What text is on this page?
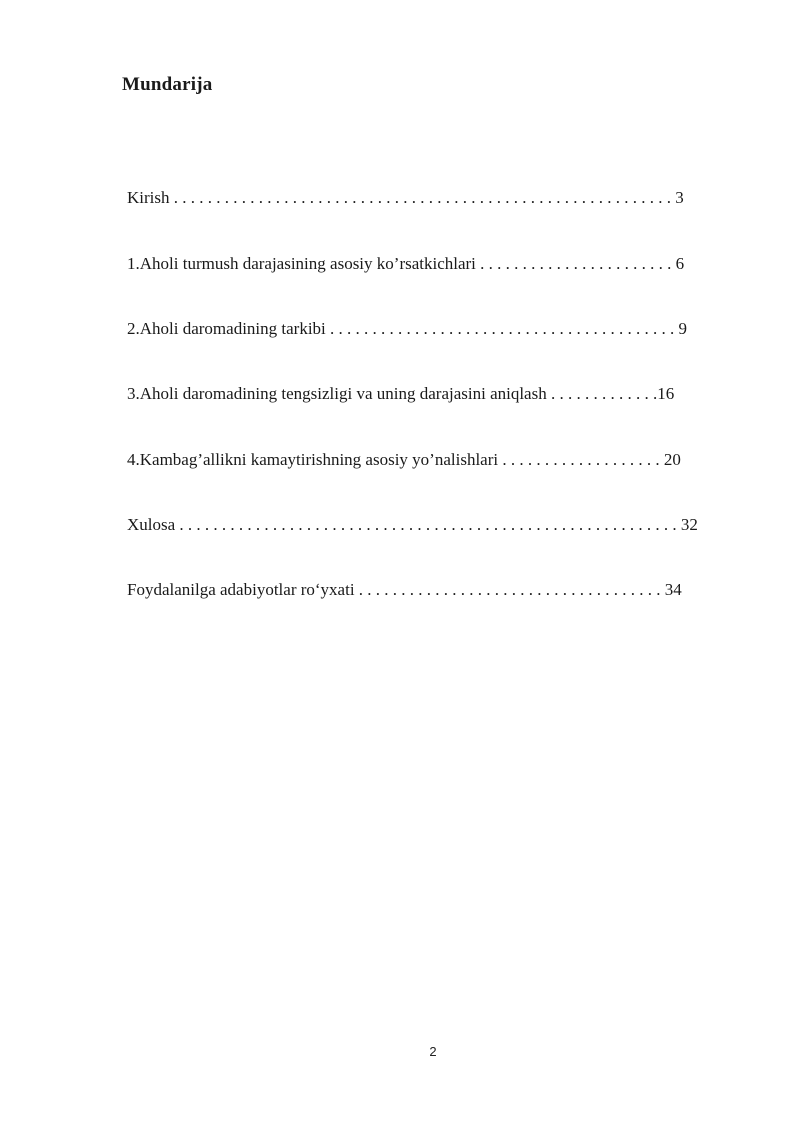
Mundarija
Kirish . . . . . . . . . . . . . . . . . . . . . . . . . . . . . . . . . . . . . . . . . . . . . . . . . . . . . . . . . . . 3
1.Aholi turmush darajasining asosiy ko’rsatkichlari . . . . . . . . . . . . . . . . . . . . . . . 6
2.Aholi daromadining tarkibi . . . . . . . . . . . . . . . . . . . . . . . . . . . . . . . . . . . . . . . . . 9
3.Aholi daromadining tengsizligi va uning darajasini aniqlash . . . . . . . . . . . . .16
4.Kambag’allikni kamaytirishning asosiy yo’nalishlari . . . . . . . . . . . . . . . . . . . 20
Xulosa . . . . . . . . . . . . . . . . . . . . . . . . . . . . . . . . . . . . . . . . . . . . . . . . . . . . . . . . . . . 32
Foydalanilga adabiyotlar ro‘yxati . . . . . . . . . . . . . . . . . . . . . . . . . . . . . . . . . . . . 34
2
